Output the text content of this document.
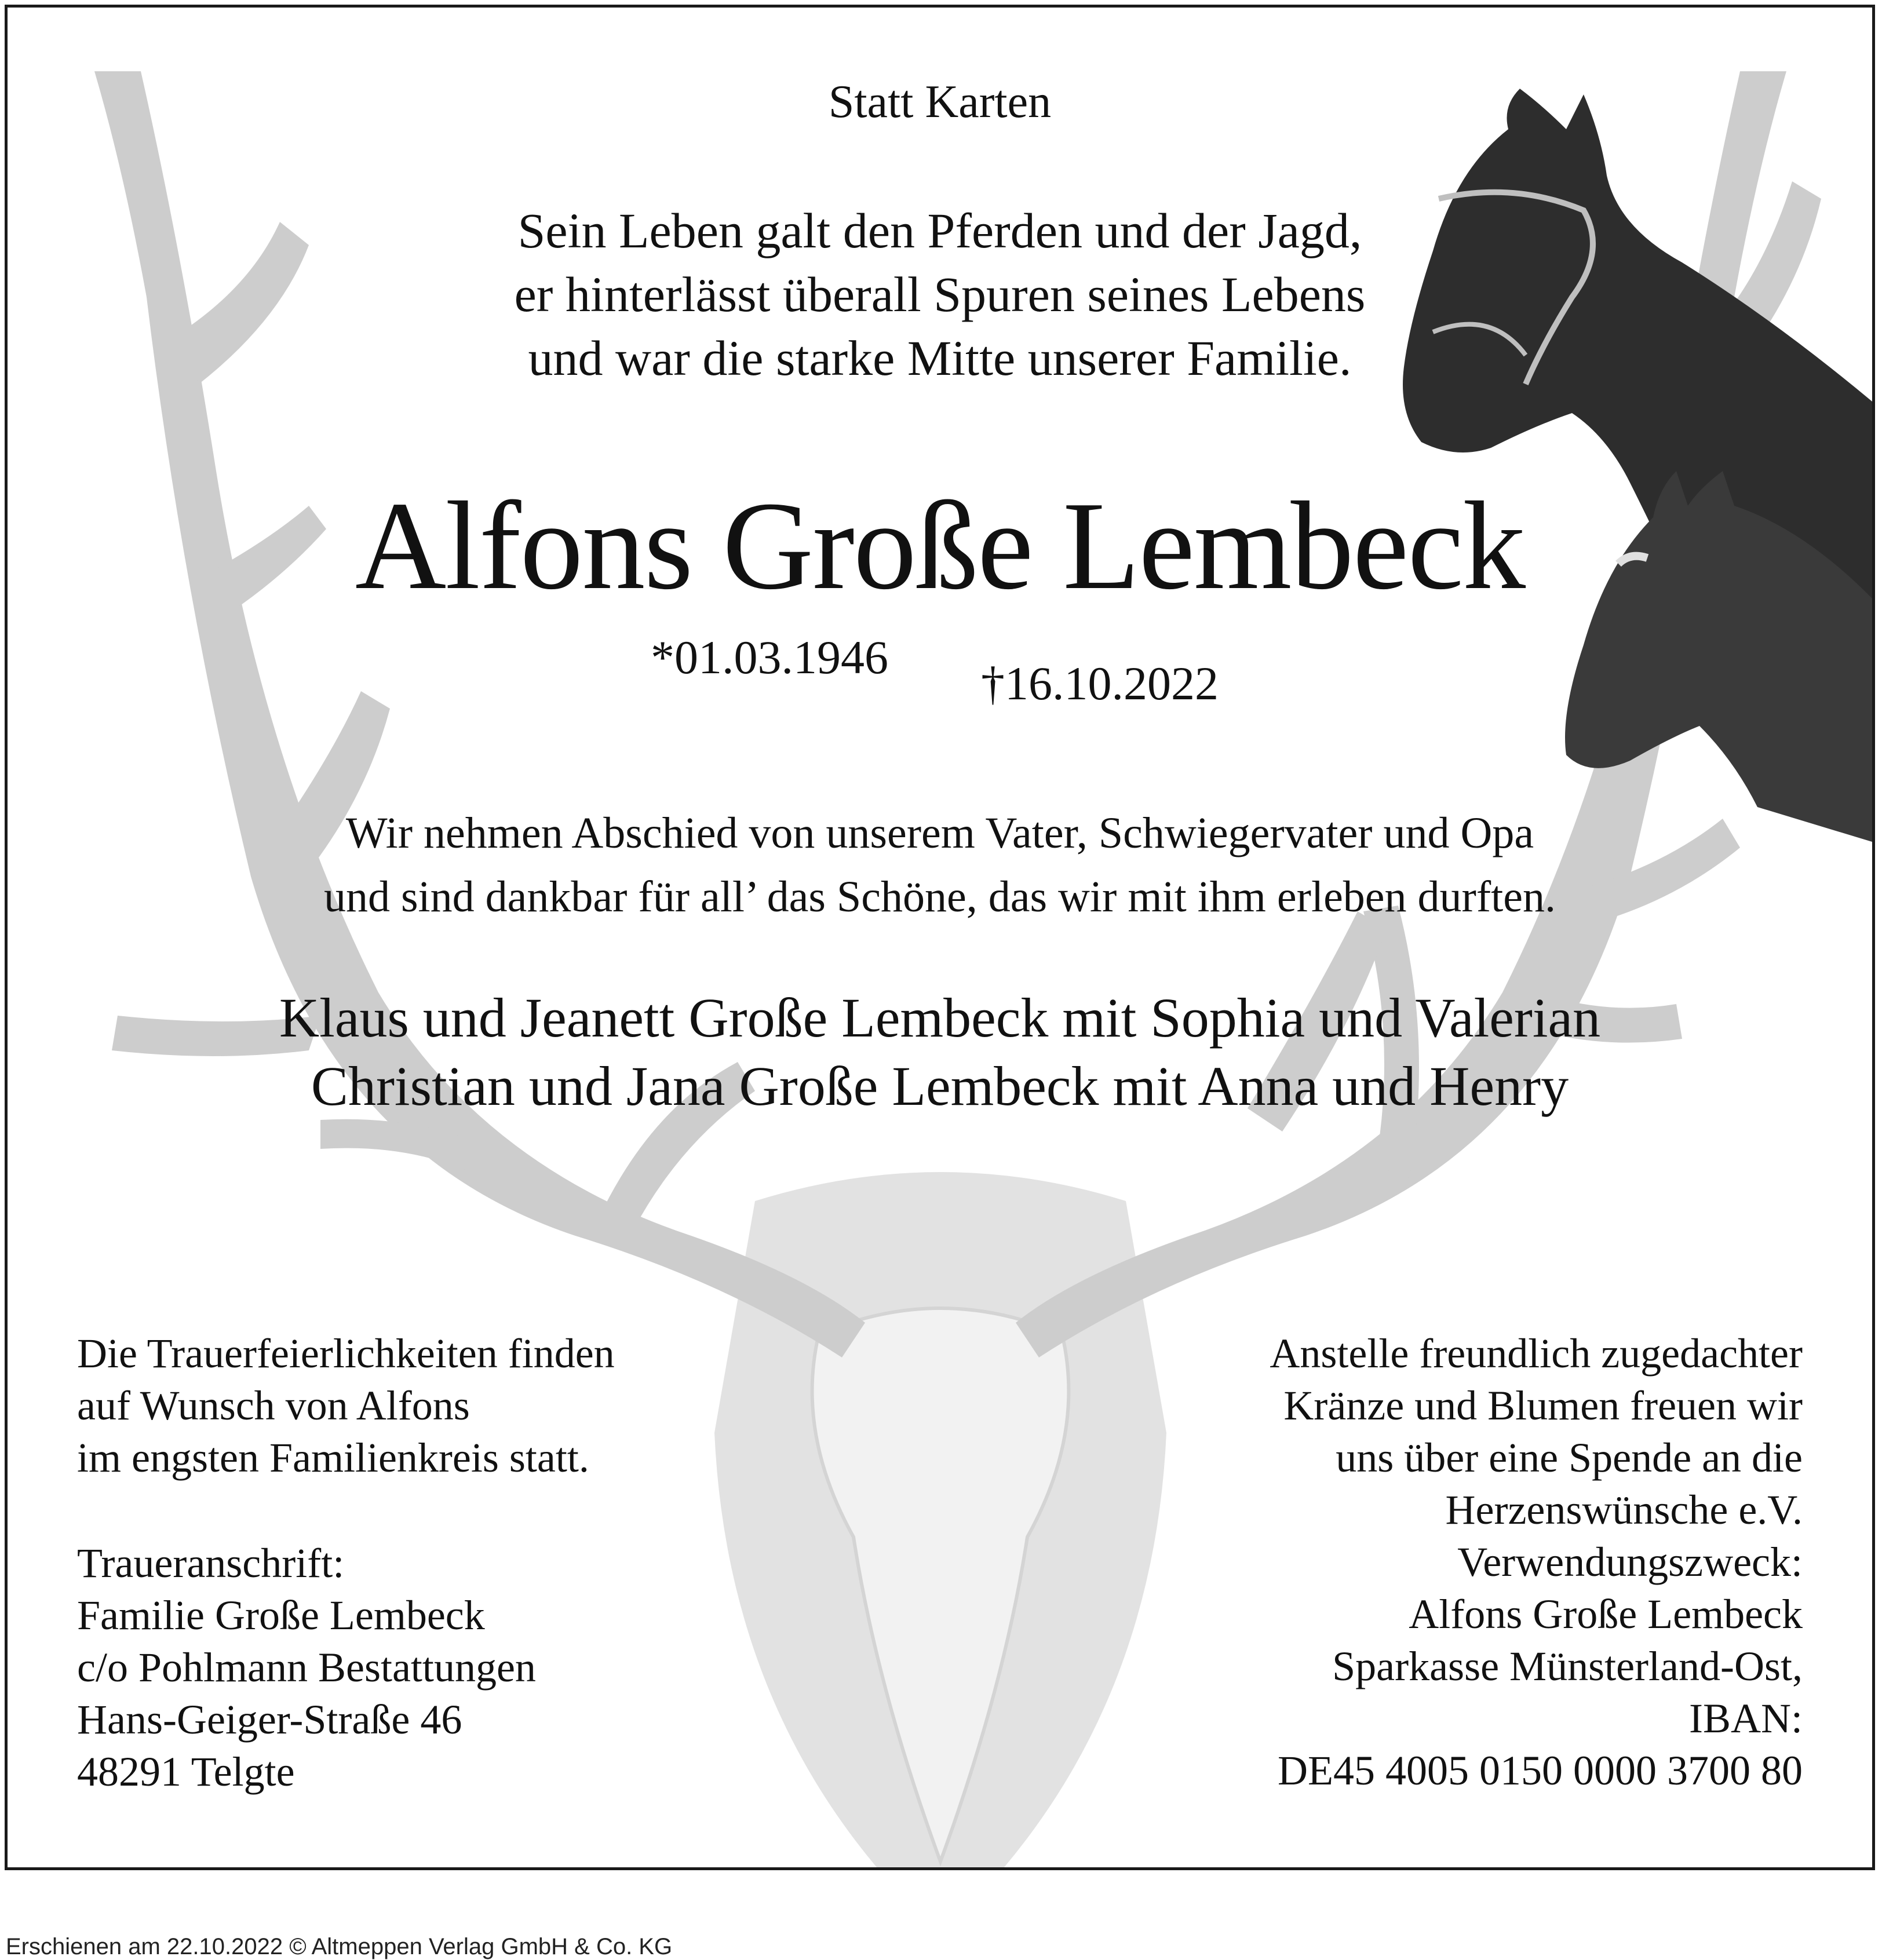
Statt Karten

Sein Leben galt den Pferden und der Jagd,
er hinterlässt überall Spuren seines Lebens
und war die starke Mitte unserer Familie.

Alfons Große Lembeck

*01.03.1946 †16.10.2022

Wir nehmen Abschied von unserem Vater, Schwiegervater und Opa
und sind dankbar für all’ das Schöne, das wir mit ihm erleben durften.
Klaus und Jeanett Große Lembeck mit Sophia und Valerian
Christian und Jana Große Lembeck mit Anna und Henry
Die Trauerfeierlichkeiten finden
auf Wunsch von Alfons
im engsten Familienkreis statt.
Traueranschrift:
Familie Große Lembeck
c/o Pohlmann Bestattungen
Hans-Geiger-Straße 46
48291 Telgte
Anstelle freundlich zugedachter
Kränze und Blumen freuen wir
uns über eine Spende an die
Herzenswünsche e.V.
Verwendungszweck:
Alfons Große Lembeck
Sparkasse Münsterland-Ost,
IBAN:
DE45 4005 0150 0000 3700 80

Erschienen am 22.10.2022 © Altmeppen Verlag GmbH & Co. KG
